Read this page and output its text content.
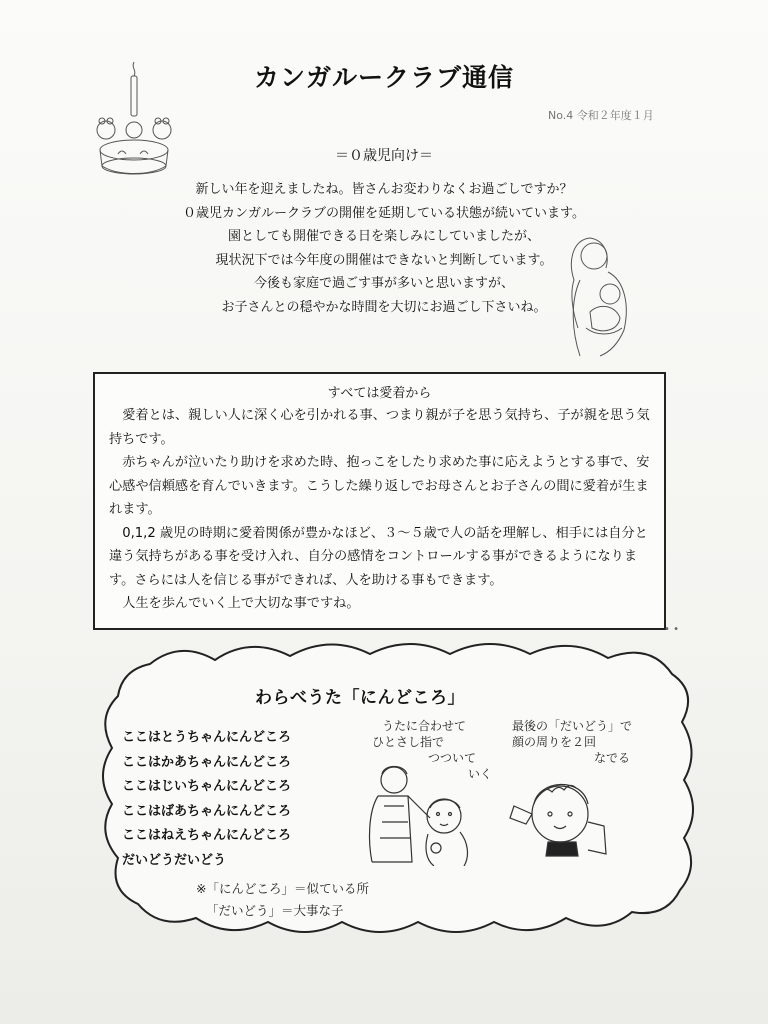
カンガルークラブ通信
No.4 令和２年度１月
＝０歳児向け＝
新しい年を迎えましたね。皆さんお変わりなくお過ごしですか？
０歳児カンガルークラブの開催を延期している状態が続いています。
園としても開催できる日を楽しみにしていましたが、
現状況下では今年度の開催はできないと判断しています。
今後も家庭で過ごす事が多いと思いますが、
お子さんとの穏やかな時間を大切にお過ごし下さいね。
すべては愛着から

愛着とは、親しい人に深く心を引かれる事、つまり親が子を思う気持ち、子が親を思う気持ちです。

赤ちゃんが泣いたり助けを求めた時、抱っこをしたり求めた事に応えようとする事で、安心感や信頼感を育んでいきます。こうした繰り返しでお母さんとお子さんの間に愛着が生まれます。

0,1,2 歳児の時期に愛着関係が豊かなほど、３～５歳で人の話を理解し、相手には自分と違う気持ちがある事を受け入れ、自分の感情をコントロールする事ができるようになります。さらには人を信じる事ができれば、人を助ける事もできます。

人生を歩んでいく上で大切な事ですね。

• •
わらべうた「にんどころ」
ここはとうちゃんにんどころ
ここはかあちゃんにんどころ
ここはじいちゃんにんどころ
ここはばあちゃんにんどころ
ここはねえちゃんにんどころ
だいどうだいどう
うたに合わせて
ひとさし指で
つついて
いく
最後の「だいどう」で
顔の周りを２回
なでる
※「にんどころ」＝似ている所
「だいどう」＝大事な子
